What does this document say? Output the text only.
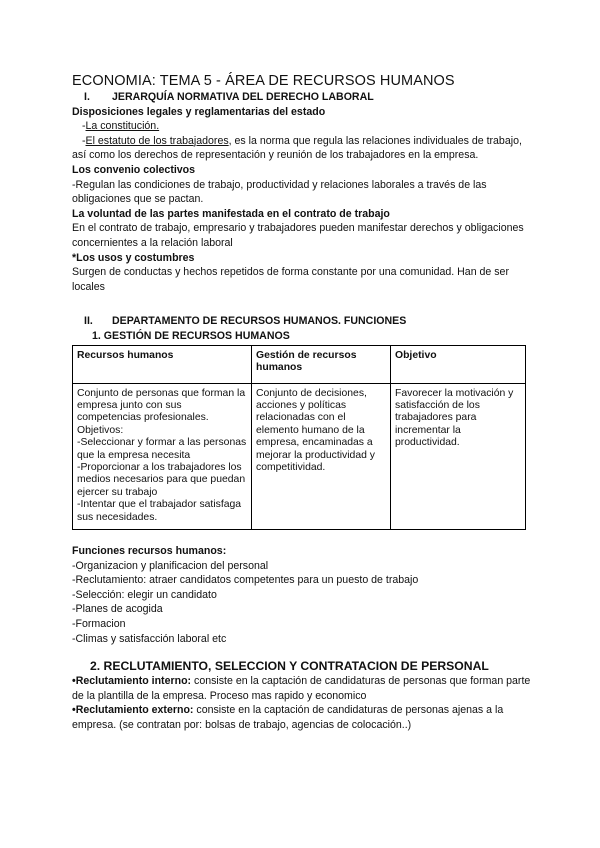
ECONOMIA: TEMA 5 - ÁREA DE RECURSOS HUMANOS
I.	JERARQUÍA NORMATIVA DEL DERECHO LABORAL

Disposiciones legales y reglamentarias del estado

-La constitución.

-El estatuto de los trabajadores, es la norma que regula las relaciones individuales de trabajo, así como los derechos de representación y reunión de los trabajadores en la empresa.

Los convenio colectivos

-Regulan las condiciones de trabajo, productividad y relaciones laborales a través de las obligaciones que se pactan.

La voluntad de las partes manifestada en el contrato de trabajo

En el contrato de trabajo, empresario y trabajadores pueden manifestar derechos y obligaciones concernientes a la relación laboral

*Los usos y costumbres

Surgen de conductas y hechos repetidos de forma constante por una comunidad. Han de ser locales

II.	DEPARTAMENTO DE RECURSOS HUMANOS. FUNCIONES
1. GESTIÓN DE RECURSOS HUMANOS
Recursos humanos	Gestión de recursos humanos	Objetivo

Conjunto de personas que forman la empresa junto con sus competencias profesionales.
Objetivos:
-Seleccionar y formar a las personas que la empresa necesita
-Proporcionar a los trabajadores los medios necesarios para que puedan ejercer su trabajo
-Intentar que el trabajador satisfaga sus necesidades.	Conjunto de decisiones, acciones y políticas relacionadas con el elemento humano de la empresa, encaminadas a mejorar la productividad y competitividad.	Favorecer la motivación y satisfacción de los trabajadores para incrementar la productividad.

Funciones recursos humanos:

-Organizacion y planificacion del personal

-Reclutamiento: atraer candidatos competentes para un puesto de trabajo

-Selección: elegir un candidato

-Planes de acogida

-Formacion

-Climas y satisfacción laboral etc

2. RECLUTAMIENTO, SELECCION Y CONTRATACION DE PERSONAL

•Reclutamiento interno: consiste en la captación de candidaturas de personas que forman parte de la plantilla de la empresa. Proceso mas rapido y economico

•Reclutamiento externo: consiste en la captación de candidaturas de personas ajenas a la empresa. (se contratan por: bolsas de trabajo, agencias de colocación..)
